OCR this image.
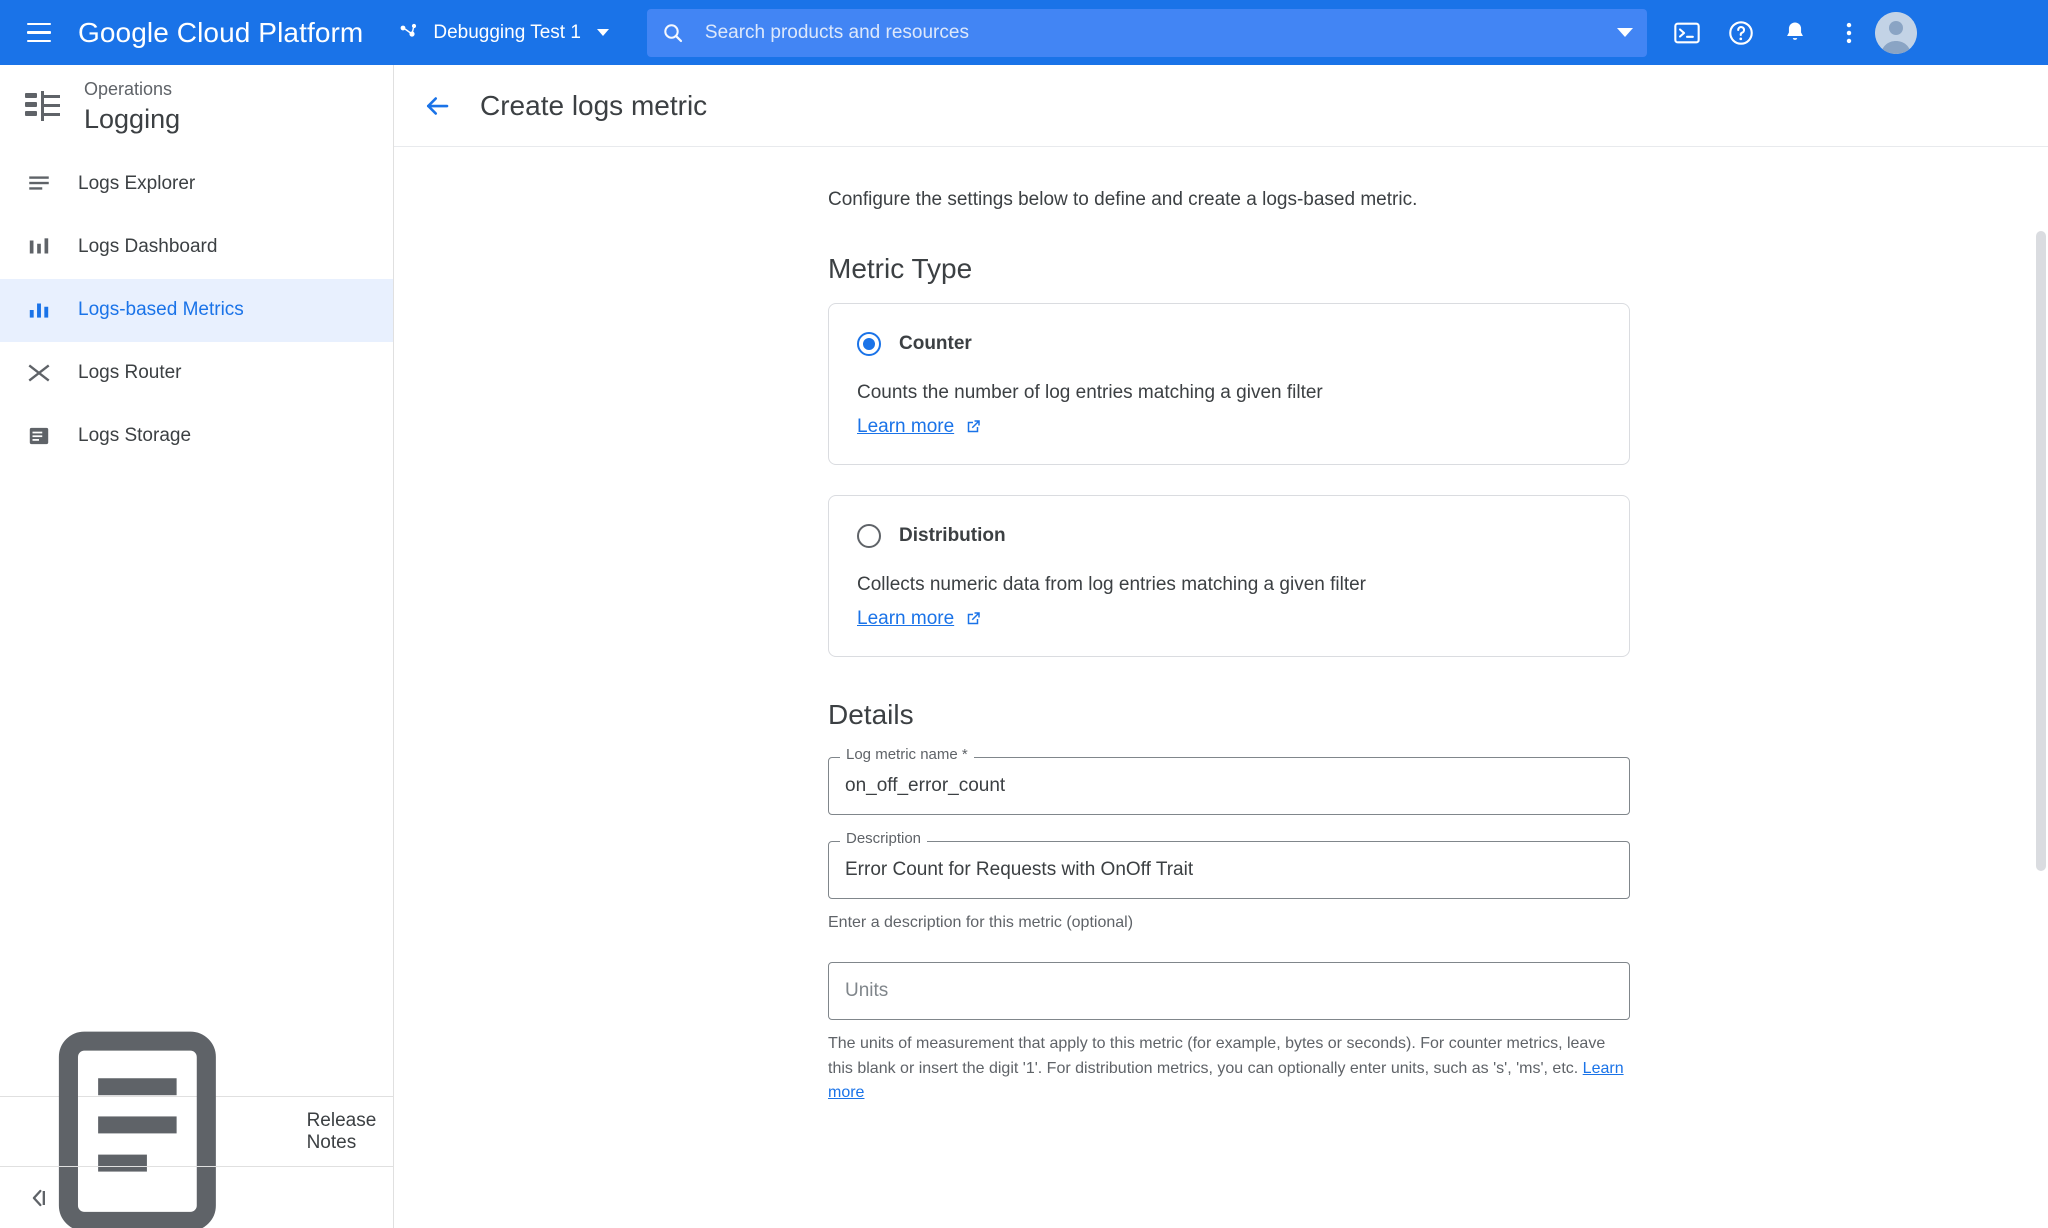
Google Cloud Platform	Debugging Test 1
Search products and resources
Operations
Logging
Logs Explorer
Logs Dashboard
Logs-based Metrics
Logs Router
Logs Storage
Release Notes
Create logs metric
Configure the settings below to define and create a logs-based metric.
Metric Type
Counter
Counts the number of log entries matching a given filter
Learn more
Distribution
Collects numeric data from log entries matching a given filter
Learn more
Details
Log metric name *
on_off_error_count
Description
Error Count for Requests with OnOff Trait
Enter a description for this metric (optional)
Units
The units of measurement that apply to this metric (for example, bytes or seconds). For counter metrics, leave this blank or insert the digit '1'. For distribution metrics, you can optionally enter units, such as 's', 'ms', etc. Learn more
